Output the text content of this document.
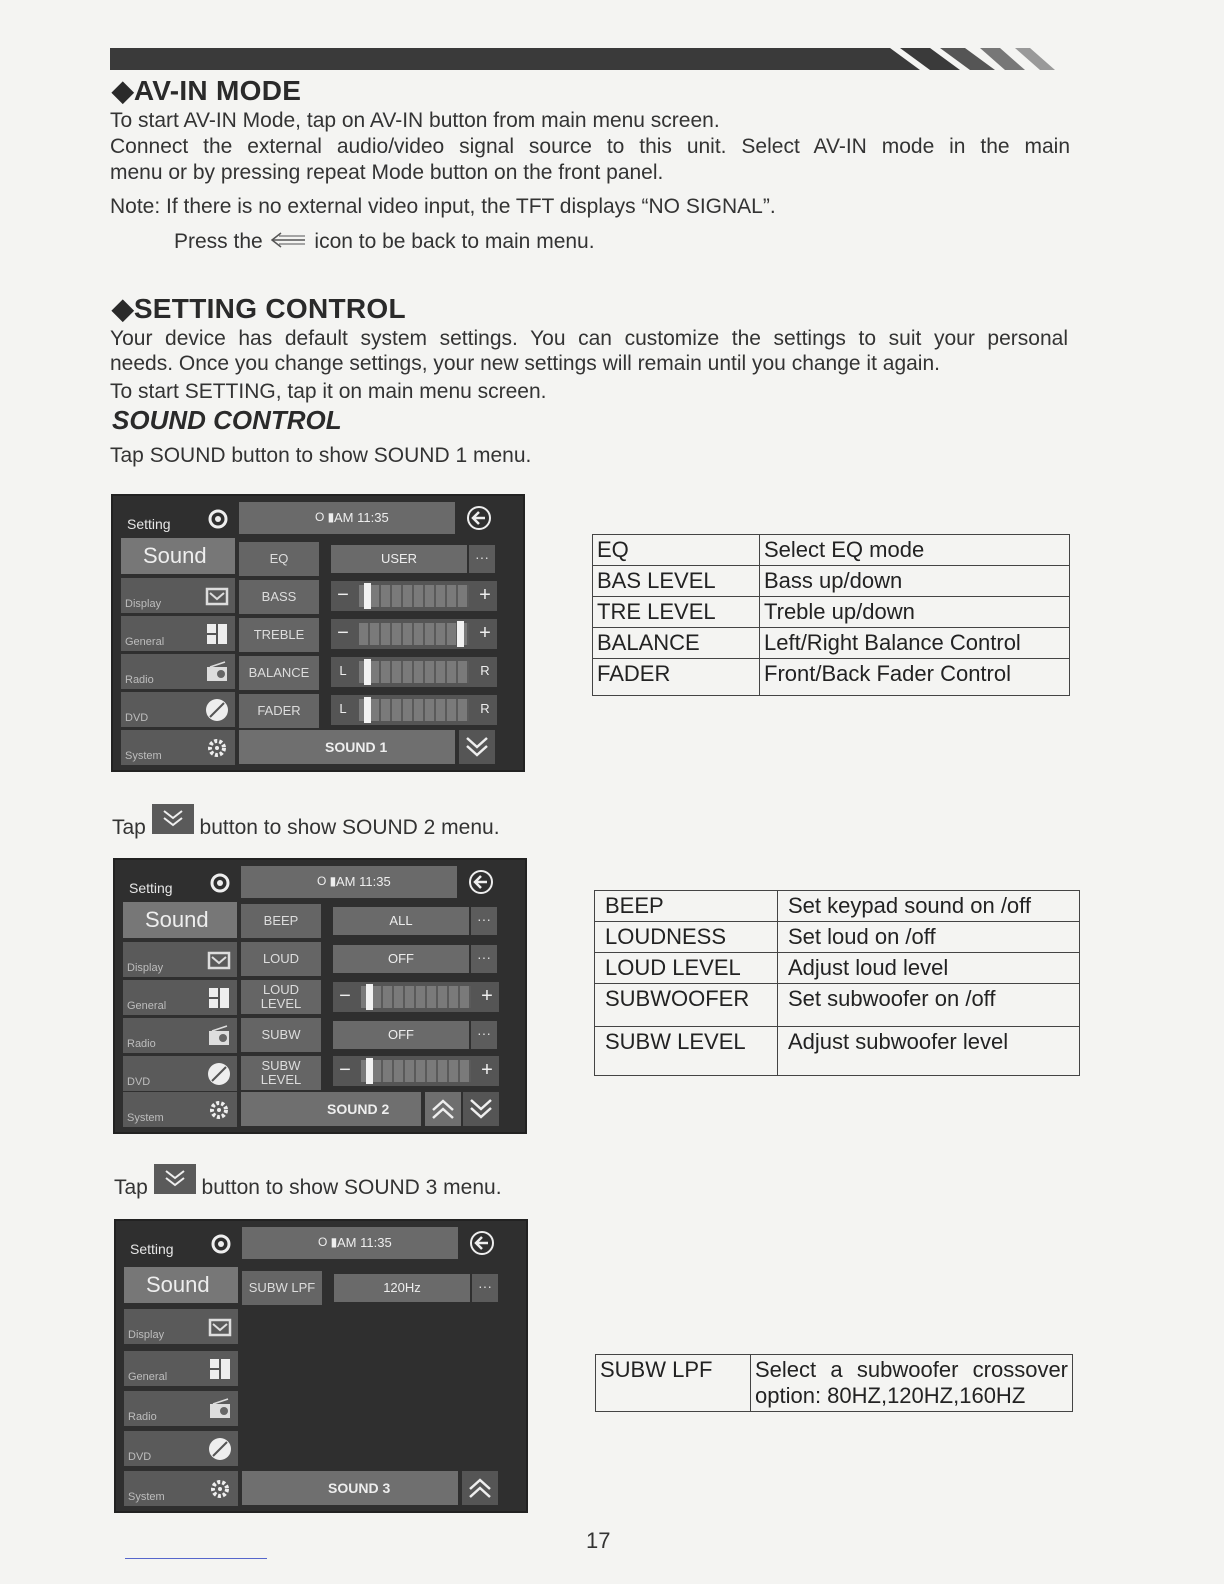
◆AV-IN MODE

To start AV-IN Mode, tap on AV-IN button from main menu screen.

Connect the external audio/video signal source to this unit. Select AV-IN mode in the main

menu or by pressing repeat Mode button on the front panel.

Note: If there is no external video input, the TFT displays “NO SIGNAL”.

Press the icon to be back to main menu.

◆SETTING CONTROL

Your device has default system settings. You can customize the settings to suit your personal

needs. Once you change settings, your new settings will remain until you change it again.

To start SETTING, tap it on main menu screen.

SOUND CONTROL

Tap SOUND button to show SOUND 1 menu.

Setting
Sound
Display
General
Radio
DVD
System
O ▮ AM 11:35
EQ	USER	···
BASS	−	+
TREBLE	−	+
BALANCE	L	R
FADER	L	R
SOUND 1
EQ	Select EQ mode
BAS LEVEL	Bass up/down
TRE LEVEL	Treble up/down
BALANCE	Left/Right Balance Control
FADER	Front/Back Fader Control

Tap	button to show SOUND 2 menu.

Setting
Sound
Display
General
Radio
DVD
System
O ▮ AM 11:35
BEEP	ALL	···
LOUD	OFF	···
LOUD LEVEL	−	+
SUBW	OFF	···
SUBW LEVEL	−	+
SOUND 2
BEEP	Set keypad sound on /off
LOUDNESS	Set loud on /off
LOUD LEVEL	Adjust loud level
SUBWOOFER	Set subwoofer on /off
SUBW LEVEL	Adjust subwoofer level

Tap	button to show SOUND 3 menu.

Setting
Sound
Display
General
Radio
DVD
System
O ▮ AM 11:35
SUBW LPF	120Hz	···
SOUND 3
SUBW LPF	Select a subwoofer crossover option: 80HZ,120HZ,160HZ
17
